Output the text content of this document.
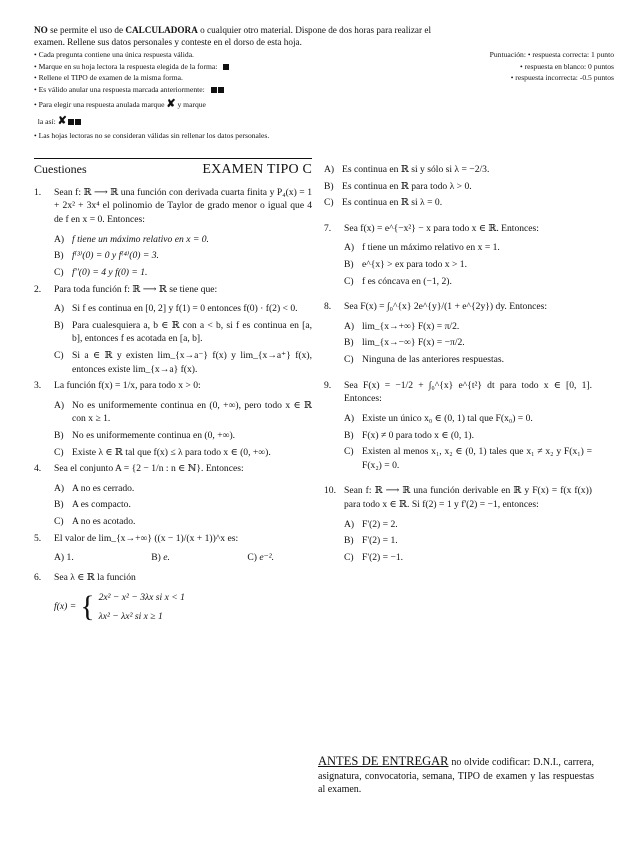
NO se permite el uso de CALCULADORA o cualquier otro material. Dispone de dos horas para realizar el
examen. Rellene sus datos personales y conteste en el dorso de esta hoja.
• Cada pregunta contiene una única respuesta válida.
• Marque en su hoja lectora la respuesta elegida de la forma:
• Rellene el TIPO de examen de la misma forma.
• Es válido anular una respuesta marcada anteriormente:
• Para elegir una respuesta anulada marque ✘ y marque
la así: ✘
• Las hojas lectoras no se consideran válidas sin rellenar los datos personales.
Puntuación: • respuesta correcta: 1 punto
• respuesta en blanco: 0 puntos
• respuesta incorrecta: -0.5 puntos
Cuestiones	EXAMEN TIPO C
1.	Sean f: ℝ ⟶ ℝ una función con derivada cuarta finita y P₄(x) = 1 + 2x² + 3x⁴ el polinomio de Taylor de grado menor o igual que 4 de f en x = 0. Entonces:
A) f tiene un máximo relativo en x = 0.
B) f⁽³⁾(0) = 0 y f⁽⁴⁾(0) = 3.
C) f''(0) = 4 y f(0) = 1.
2.	Para toda función f: ℝ ⟶ ℝ se tiene que:
A) Si f es continua en [0, 2] y f(1) = 0 entonces f(0) · f(2) < 0.
B) Para cualesquiera a, b ∈ ℝ con a < b, si f es continua en [a, b], entonces f es acotada en [a, b].
C) Si a ∈ ℝ y existen lim_{x→a⁻} f(x) y lim_{x→a⁺} f(x), entonces existe lim_{x→a} f(x).
3.	La función f(x) = 1/x, para todo x > 0:
A) No es uniformemente continua en (0, +∞), pero todo x ∈ ℝ con x ≥ 1.
B) No es uniformemente continua en (0, +∞).
C) Existe λ ∈ ℝ tal que f(x) ≤ λ para todo x ∈ (0, +∞).
4.	Sea el conjunto A = {2 − 1/n : n ∈ ℕ}. Entonces:
A) A no es cerrado.
B) A es compacto.
C) A no es acotado.
5.	El valor de lim_{x→+∞} ((x − 1)/(x + 1))^x es:
A) 1.	B) e.	C) e⁻².
6.	Sea λ ∈ ℝ la función
f(x) = { 2x² − x² − 3λx si x < 1
λx² − λx² si x ≥ 1
A) Es continua en ℝ si y sólo si λ = −2/3.
B) Es continua en ℝ para todo λ > 0.
C) Es continua en ℝ si λ = 0.
7.	Sea f(x) = e^{−x²} − x para todo x ∈ ℝ. Entonces:
A) f tiene un máximo relativo en x = 1.
B) e^{x} > ex para todo x > 1.
C) f es cóncava en (−1, 2).
8.	Sea F(x) = ∫₀^{x} 2e^{y}/(1 + e^{2y}) dy. Entonces:
A) lim_{x→+∞} F(x) = π/2.
B) lim_{x→−∞} F(x) = −π/2.
C) Ninguna de las anteriores respuestas.
9.	Sea F(x) = −1/2 + ∫₀^{x} e^{t²} dt para todo x ∈ [0, 1]. Entonces:
A) Existe un único x₀ ∈ (0, 1) tal que F(x₀) = 0.
B) F(x) ≠ 0 para todo x ∈ (0, 1).
C) Existen al menos x₁, x₂ ∈ (0, 1) tales que x₁ ≠ x₂ y F(x₁) = F(x₂) = 0.
10. Sean f: ℝ ⟶ ℝ una función derivable en ℝ y F(x) = f(x f(x)) para todo x ∈ ℝ. Si f(2) = 1 y f'(2) = −1, entonces:
A) F'(2) = 2.
B) F'(2) = 1.
C) F'(2) = −1.
ANTES DE ENTREGAR no olvide codificar: D.N.I., carrera, asignatura, convocatoria, semana, TIPO de examen y las respuestas al examen.
